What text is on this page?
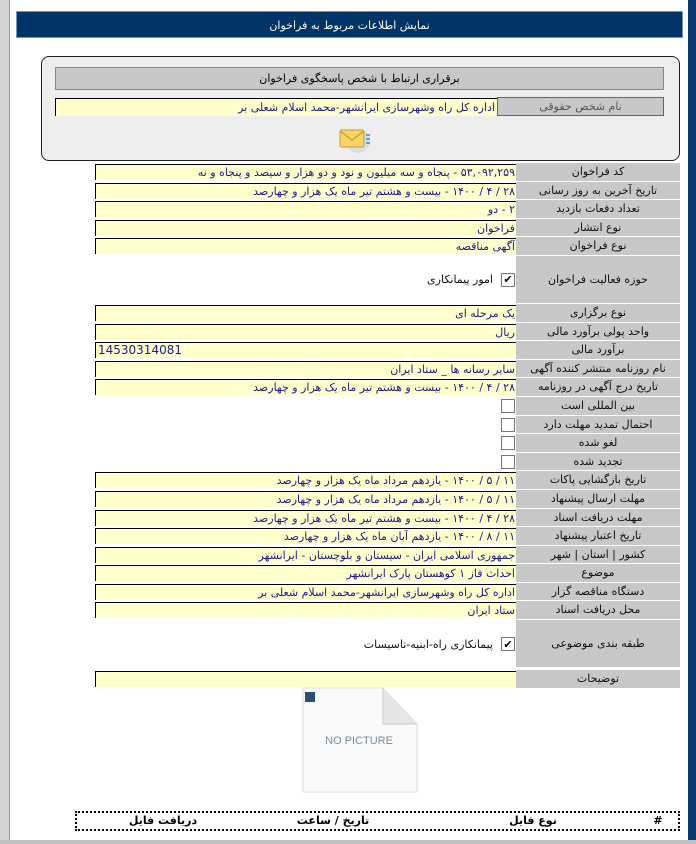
نمایش اطلاعات مربوط به فراخوان
برقراری ارتباط با شخص پاسخگوی فراخوان
نام شخص حقوقی
اداره کل راه وشهرسازی ایرانشهر-محمد اسلام شعلی بر
کد فراخوان
۵۳,۰۹۲,۲۵۹ - پنجاه و سه میلیون و نود و دو هزار و سیصد و پنجاه و نه
تاریخ آخرین به روز رسانی
۲۸ / ۴ / ۱۴۰۰ - بیست و هشتم تیر ماه یک هزار و چهارصد
تعداد دفعات بازدید
۲ - دو
نوع انتشار
فراخوان
نوع فراخوان
آگهی مناقصه
حوزه فعالیت فراخوان
✔
امور پیمانکاری
نوع برگزاری
یک مرحله ای
واحد پولی برآورد مالی
ریال
برآورد مالی
14530314081
نام روزنامه منتشر کننده آگهی
سایر رسانه ها _ ستاد ایران
تاریخ درج آگهی در روزنامه
۲۸ / ۴ / ۱۴۰۰ - بیست و هشتم تیر ماه یک هزار و چهارصد
بین المللی است
احتمال تمدید مهلت دارد
لغو شده
تجدید شده
تاریخ بازگشایی پاکات
۱۱ / ۵ / ۱۴۰۰ - یازدهم مرداد ماه یک هزار و چهارصد
مهلت ارسال پیشنهاد
۱۱ / ۵ / ۱۴۰۰ - یازدهم مرداد ماه یک هزار و چهارصد
مهلت دریافت اسناد
۲۸ / ۴ / ۱۴۰۰ - بیست و هشتم تیر ماه یک هزار و چهارصد
تاریخ اعتبار پیشنهاد
۱۱ / ۸ / ۱۴۰۰ - یازدهم آبان ماه یک هزار و چهارصد
کشور | استان | شهر
جمهوری اسلامی ایران - سیستان و بلوچستان - ایرانشهر
موضوع
احداث فاز ۱ کوهستان پارک ایرانشهر
دستگاه مناقصه گزار
اداره کل راه وشهرسازی ایرانشهر-محمد اسلام شعلی بر
محل دریافت اسناد
ستاد ایران
طبقه بندی موضوعی
✔
پیمانکاری راه-ابنیه-تاسیسات
توضیحات
NO PICTURE
#
نوع فایل
تاریخ / ساعت
دریافت فایل
